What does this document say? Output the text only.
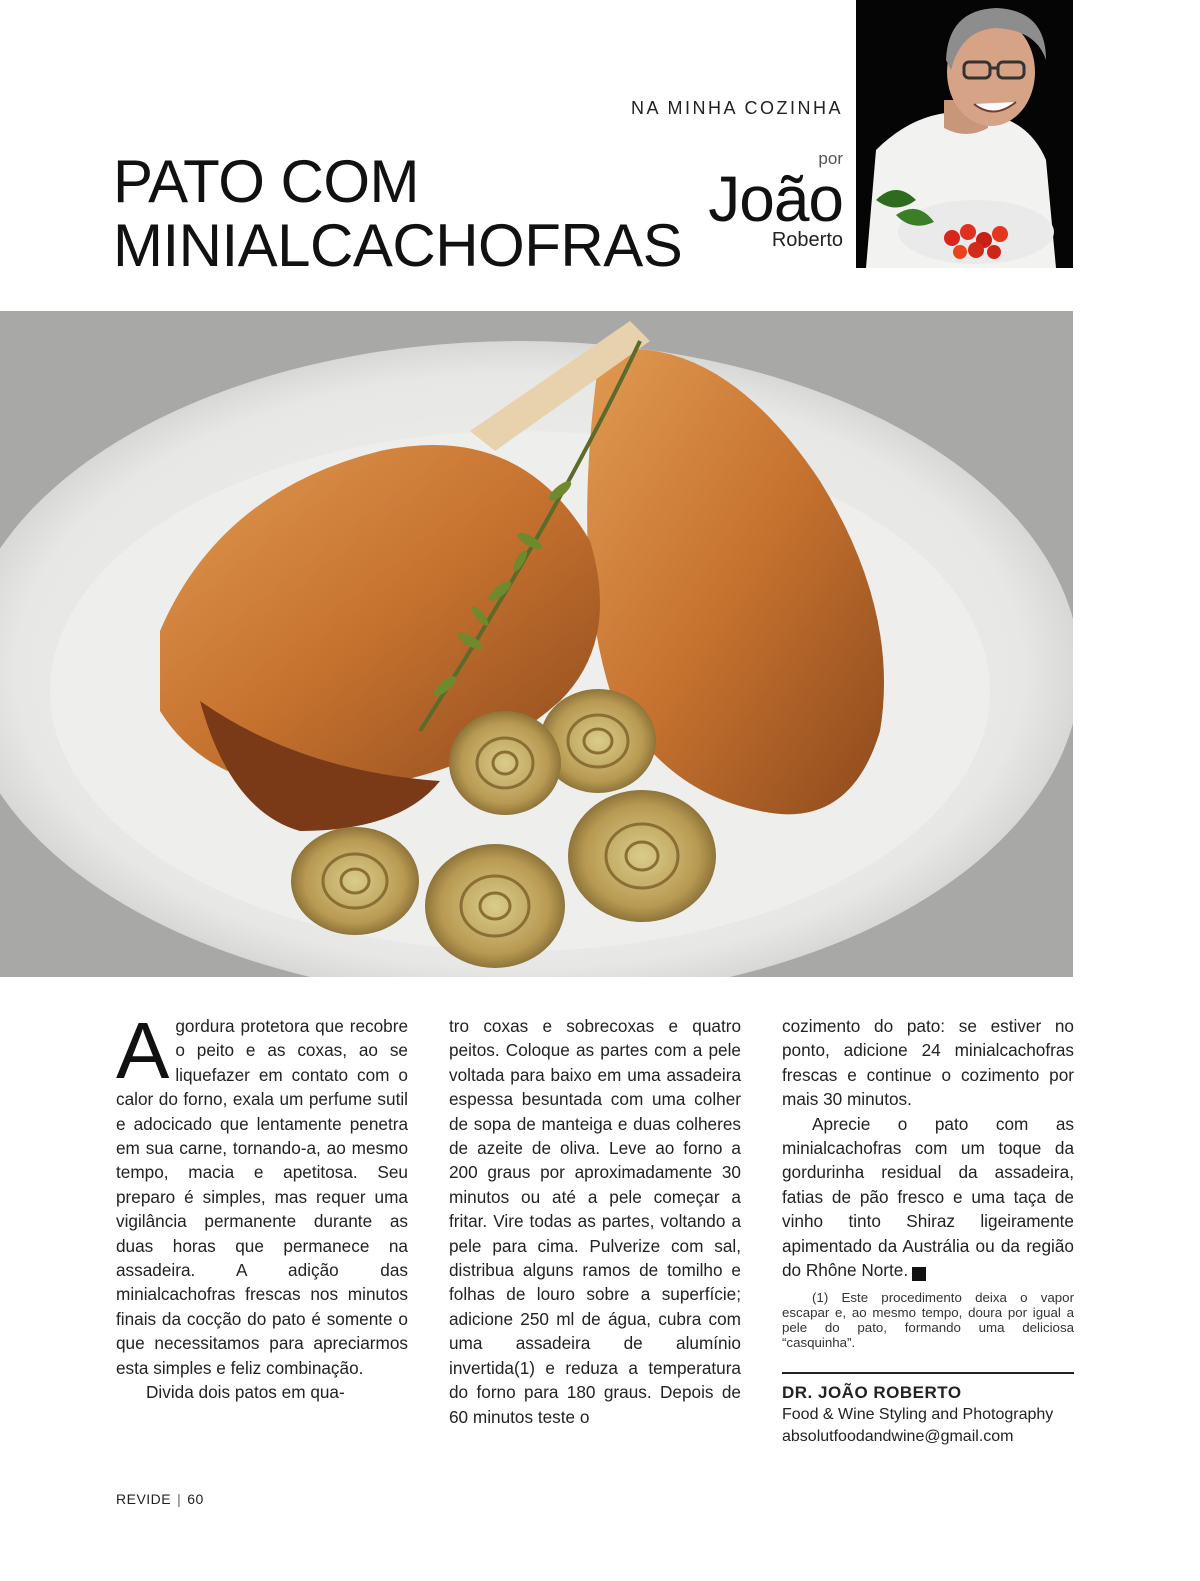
NA MINHA COZINHA
PATO COM
MINIALCACHOFRAS
por
João
Roberto

Agordura protetora que recobre o peito e as coxas, ao se liquefazer em contato com o calor do forno, exala um perfume sutil e adocicado que lentamente penetra em sua carne, tornando-a, ao mesmo tempo, macia e apetitosa. Seu preparo é simples, mas requer uma vigilância permanente durante as duas horas que permanece na assadeira. A adição das minialcachofras frescas nos minutos finais da cocção do pato é somente o que necessitamos para apreciarmos esta simples e feliz combinação.

Divida dois patos em qua-

tro coxas e sobrecoxas e quatro peitos. Coloque as partes com a pele voltada para baixo em uma assadeira espessa besuntada com uma colher de sopa de manteiga e duas colheres de azeite de oliva. Leve ao forno a 200 graus por aproximadamente 30 minutos ou até a pele começar a fritar. Vire todas as partes, voltando a pele para cima. Pulverize com sal, distribua alguns ramos de tomilho e folhas de louro sobre a superfície; adicione 250 ml de água, cubra com uma assadeira de alumínio invertida(1) e reduza a temperatura do forno para 180 graus. Depois de 60 minutos teste o

cozimento do pato: se estiver no ponto, adicione 24 minialcachofras frescas e continue o cozimento por mais 30 minutos.

Aprecie o pato com as minialcachofras com um toque da gordurinha residual da assadeira, fatias de pão fresco e uma taça de vinho tinto Shiraz ligeiramente apimentado da Austrália ou da região do Rhône Norte.	r

(1) Este procedimento deixa o vapor escapar e, ao mesmo tempo, doura por igual a pele do pato, formando uma deliciosa “casquinha”.

DR. JOÃO ROBERTO
Food & Wine Styling and Photography
absolutfoodandwine@gmail.com
REVIDE | 60
